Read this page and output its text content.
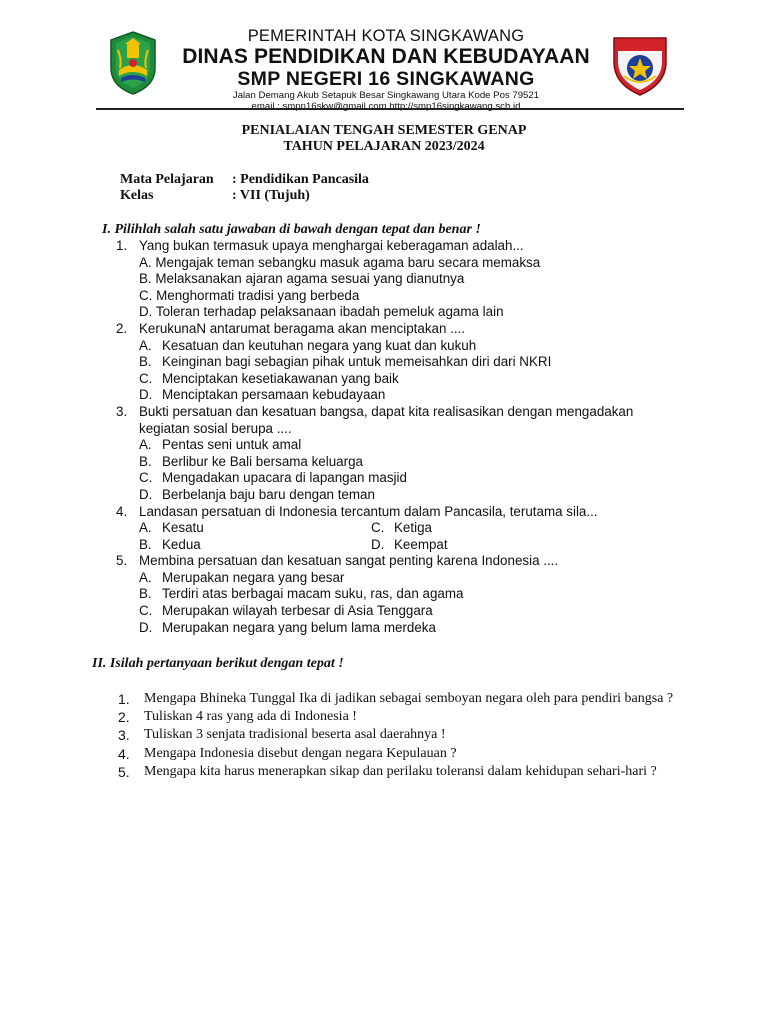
PEMERINTAH KOTA SINGKAWANG
DINAS PENDIDIKAN DAN KEBUDAYAAN
SMP NEGERI 16 SINGKAWANG
Jalan Demang Akub Setapuk Besar Singkawang Utara Kode Pos 79521
email : smpn16skw@gmail.com http://smp16singkawang.sch.id
PENIALAIAN TENGAH SEMESTER GENAP
TAHUN PELAJARAN 2023/2024
Mata Pelajaran : Pendidikan Pancasila
Kelas	: VII (Tujuh)
I. Pilihlah salah satu jawaban di bawah dengan tepat dan benar !
1. Yang bukan termasuk upaya menghargai keberagaman adalah...
A. Mengajak teman sebangku masuk agama baru secara memaksa
B. Melaksanakan ajaran agama sesuai yang dianutnya
C. Menghormati tradisi yang berbeda
D. Toleran terhadap pelaksanaan ibadah pemeluk agama lain
2. KerukunaN antarumat beragama akan menciptakan ....
A. Kesatuan dan keutuhan negara yang kuat dan kukuh
B. Keinginan bagi sebagian pihak untuk memeisahkan diri dari NKRI
C. Menciptakan kesetiakawanan yang baik
D. Menciptakan persamaan kebudayaan
3. Bukti persatuan dan kesatuan bangsa, dapat kita realisasikan dengan mengadakan kegiatan sosial berupa ....
A. Pentas seni untuk amal
B. Berlibur ke Bali bersama keluarga
C. Mengadakan upacara di lapangan masjid
D. Berbelanja baju baru dengan teman
4. Landasan persatuan di Indonesia tercantum dalam Pancasila, terutama sila...
A. Kesatu	C. Ketiga
B. Kedua	D. Keempat
5. Membina persatuan dan kesatuan sangat penting karena Indonesia ....
A. Merupakan negara yang besar
B. Terdiri atas berbagai macam suku, ras, dan agama
C. Merupakan wilayah terbesar di Asia Tenggara
D. Merupakan negara yang belum lama merdeka
II. Isilah pertanyaan berikut dengan tepat !
1. Mengapa Bhineka Tunggal Ika di jadikan sebagai semboyan negara oleh para pendiri bangsa ?
2. Tuliskan 4 ras yang ada di Indonesia !
3. Tuliskan 3 senjata tradisional beserta asal daerahnya !
4. Mengapa Indonesia disebut dengan negara Kepulauan ?
5. Mengapa kita harus menerapkan sikap dan perilaku toleransi dalam kehidupan sehari-hari ?
